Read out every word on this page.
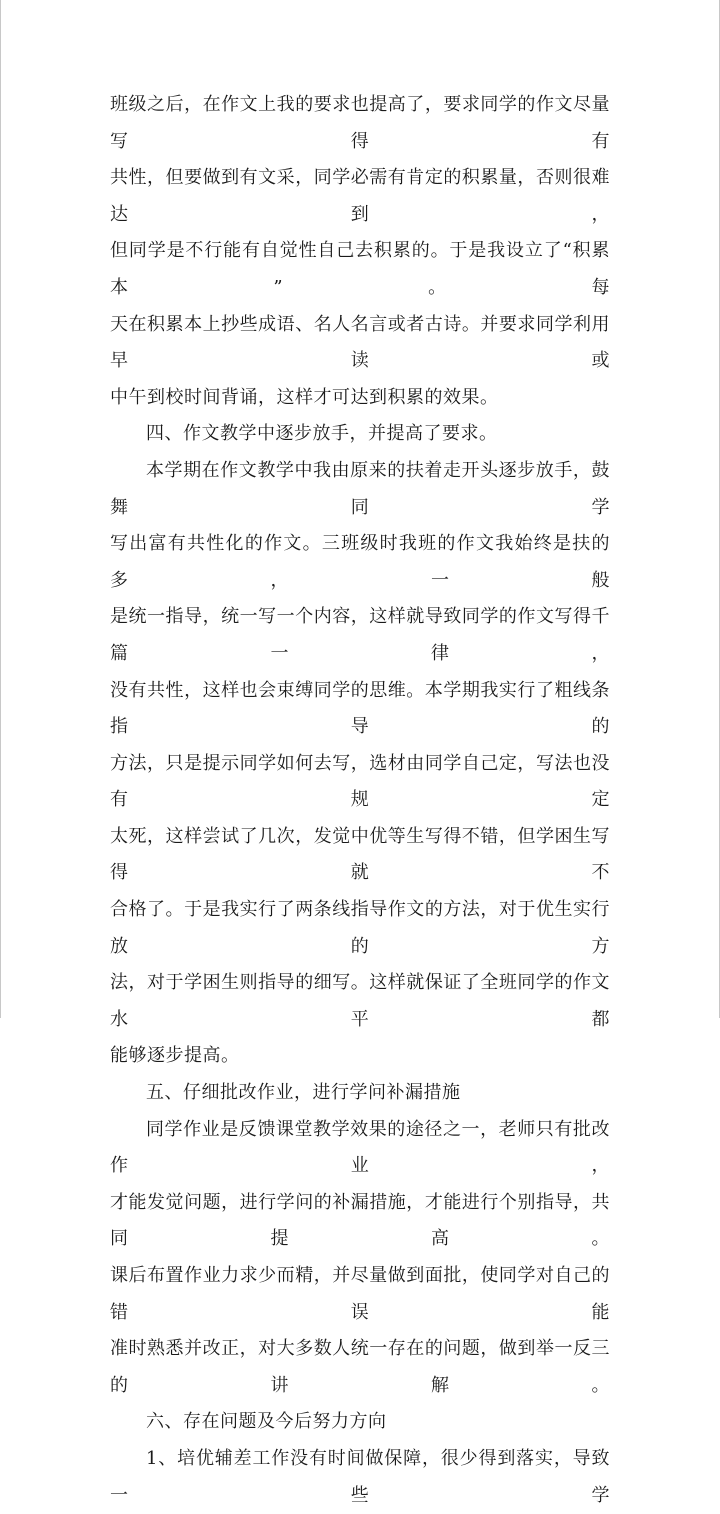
班级之后，在作文上我的要求也提高了，要求同学的作文尽量写得有

共性，但要做到有文采，同学必需有肯定的积累量，否则很难达到，

但同学是不行能有自觉性自己去积累的。于是我设立了“积累本”。每

天在积累本上抄些成语、名人名言或者古诗。并要求同学利用早读或

中午到校时间背诵，这样才可达到积累的效果。

四、作文教学中逐步放手，并提高了要求。

本学期在作文教学中我由原来的扶着走开头逐步放手，鼓舞同学

写出富有共性化的作文。三班级时我班的作文我始终是扶的多，一般

是统一指导，统一写一个内容，这样就导致同学的作文写得千篇一律，

没有共性，这样也会束缚同学的思维。本学期我实行了粗线条指导的

方法，只是提示同学如何去写，选材由同学自己定，写法也没有规定

太死，这样尝试了几次，发觉中优等生写得不错，但学困生写得就不

合格了。于是我实行了两条线指导作文的方法，对于优生实行放的方

法，对于学困生则指导的细写。这样就保证了全班同学的作文水平都

能够逐步提高。

五、仔细批改作业，进行学问补漏措施

同学作业是反馈课堂教学效果的途径之一，老师只有批改作业，

才能发觉问题，进行学问的补漏措施，才能进行个别指导，共同提高。

课后布置作业力求少而精，并尽量做到面批，使同学对自己的错误能

准时熟悉并改正，对大多数人统一存在的问题，做到举一反三的讲解。

六、存在问题及今后努力方向

1、培优辅差工作没有时间做保障，很少得到落实，导致一些学
